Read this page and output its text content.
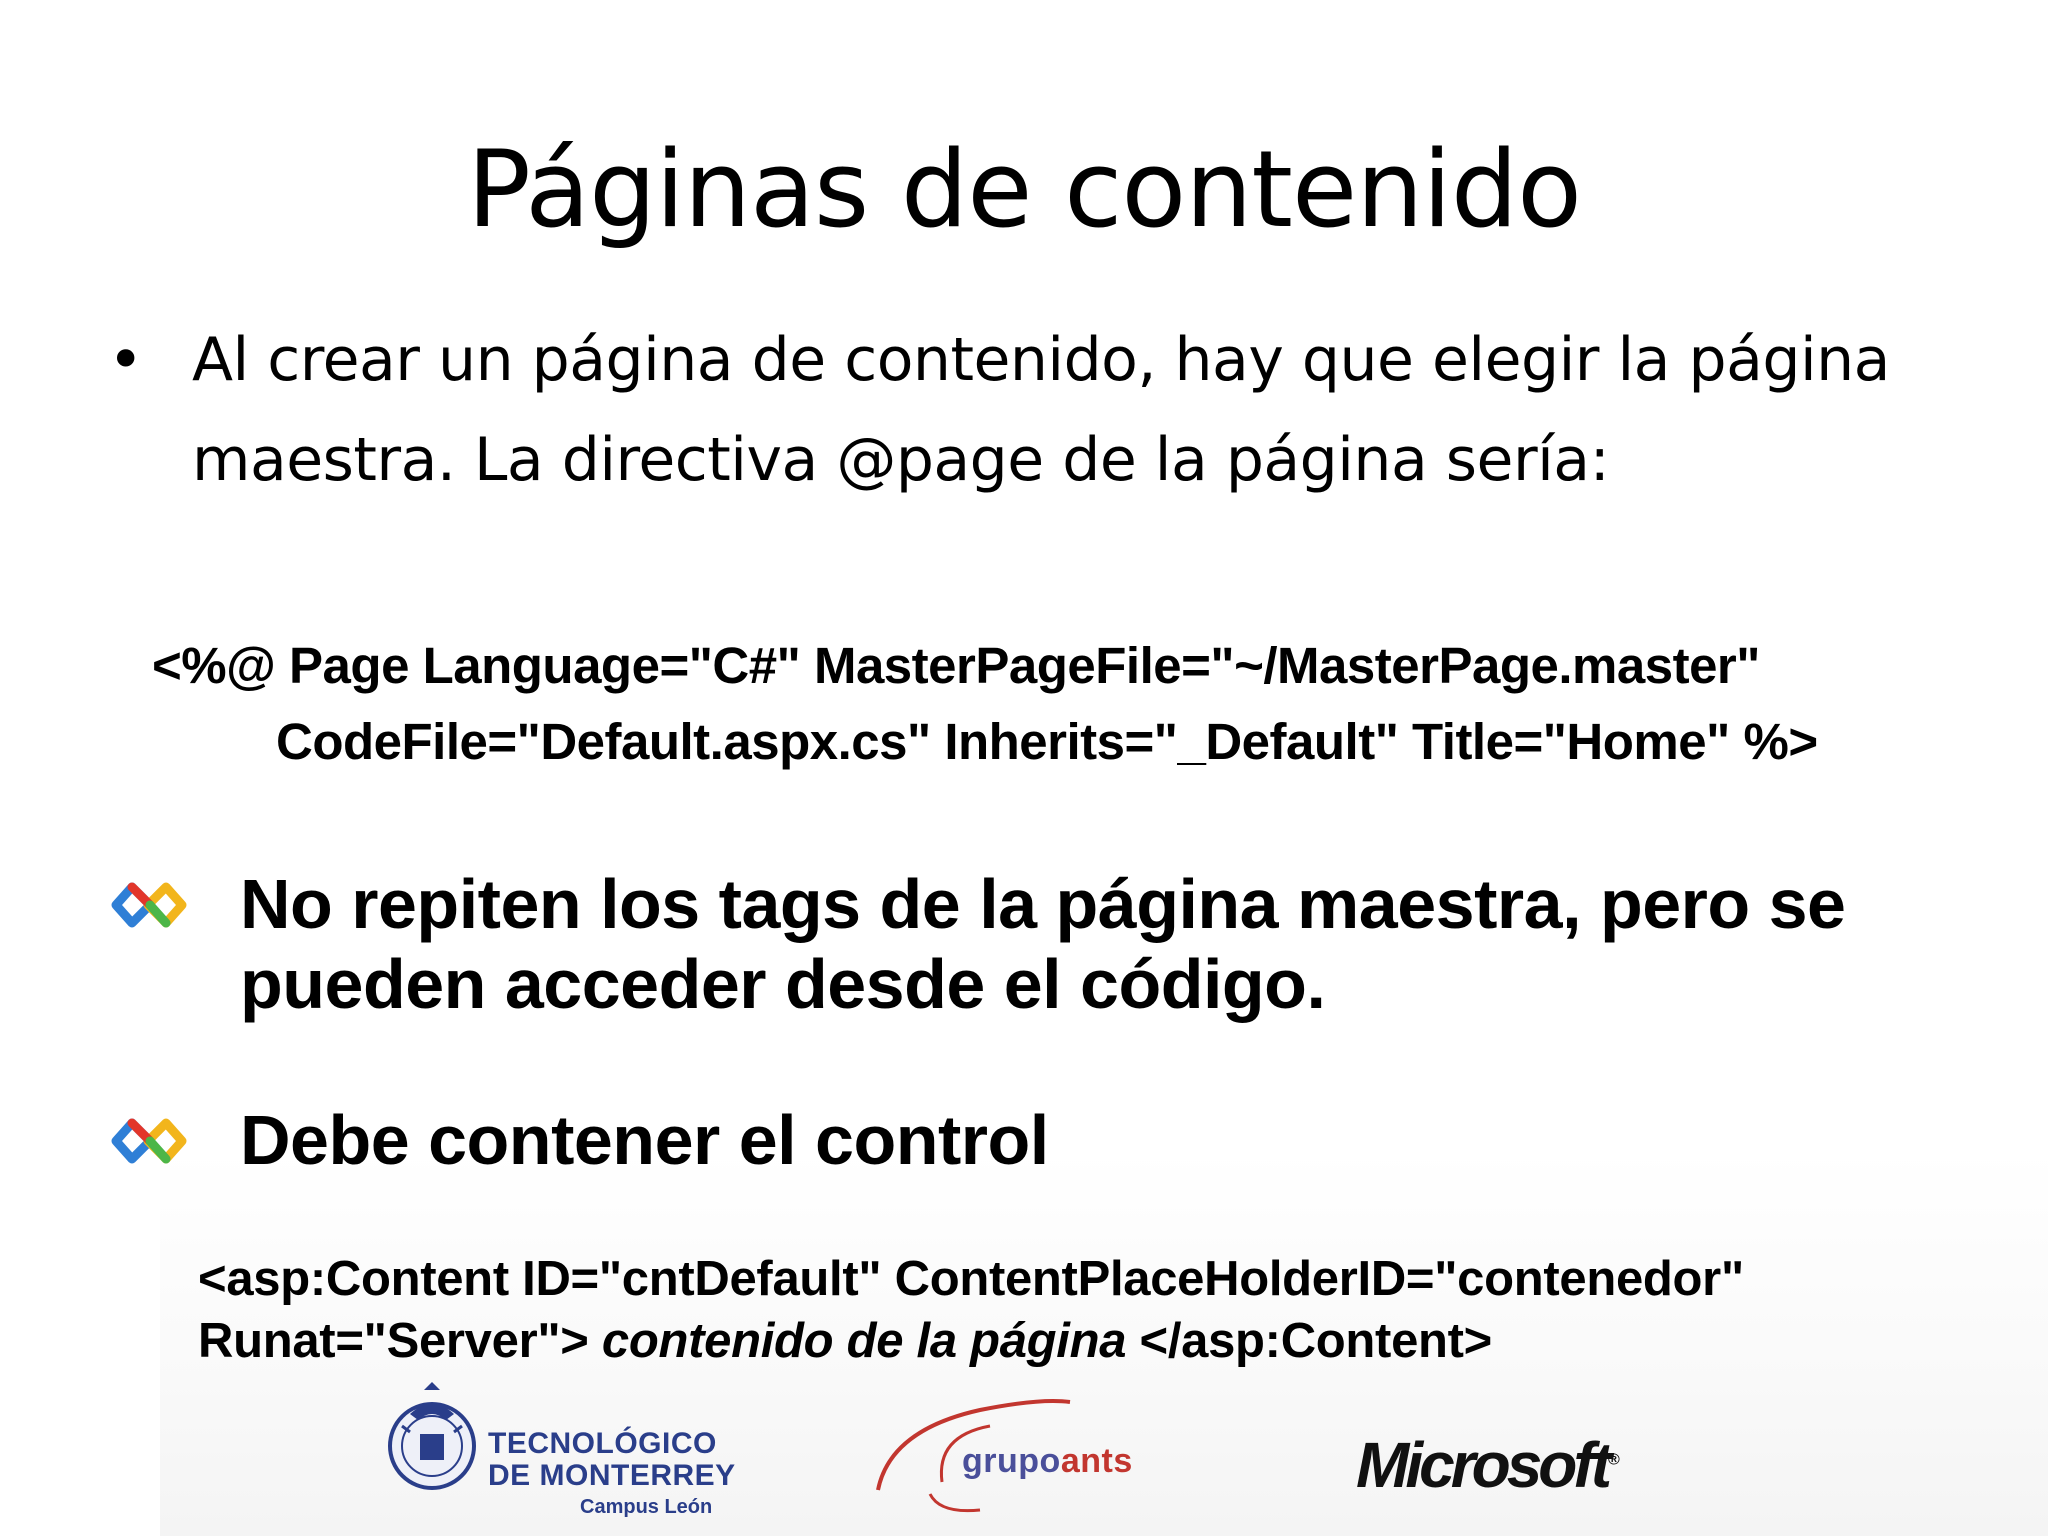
Páginas de contenido
• Al crear un página de contenido, hay que elegir la página maestra. La directiva @page de la página sería:
<%@ Page Language="C#" MasterPageFile="~/MasterPage.master"
CodeFile="Default.aspx.cs" Inherits="_Default" Title="Home" %>
No repiten los tags de la página maestra, pero se pueden acceder desde el código.
Debe contener el control
<asp:Content ID="cntDefault" ContentPlaceHolderID="contenedor"
Runat="Server"> contenido de la página </asp:Content>
TECNOLÓGICO
DE MONTERREY
Campus León
grupoants	Microsoft®
